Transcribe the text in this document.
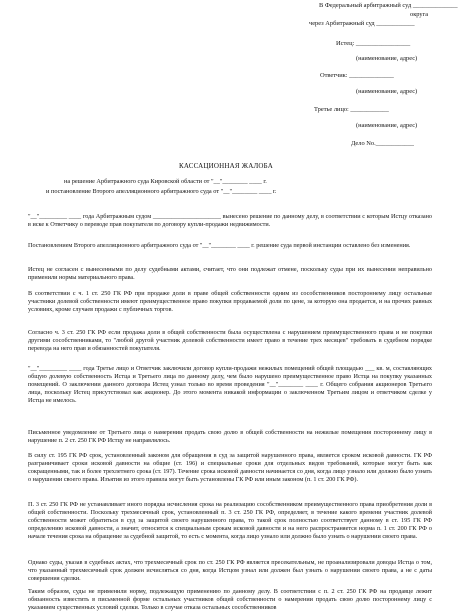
В Федеральный арбитражный суд ______________
округа
через Арбитражный суд ____________
Истец: _________________
(наименование, адрес)
Ответчик: ______________
(наименование, адрес)
Третье лицо: ____________
(наименование, адрес)
Дело No.____________
КАССАЦИОННАЯ ЖАЛОБА
на решение Арбитражного суда Кировской области от "__"________ ____ г.
и постановление Второго апелляционного арбитражного суда от "__"________ ____ г.

"__"_________ ____ года Арбитражным судом ______________________ вынесено решение по данному делу, в соответствии с которым Истцу отказано в иске к Ответчику о переводе прав покупателя по договору купли-продажи недвижимости.

Постановлением Второго апелляционного арбитражного суда от "__"________ ____ г. решение суда первой инстанции оставлено без изменения.

Истец не согласен с вынесенными по делу судебными актами, считает, что они подлежат отмене, поскольку суды при их вынесении неправильно применили нормы материального права.

В соответствии с ч. 1 ст. 250 ГК РФ при продаже доли в праве общей собственности одним из сособственников постороннему лицу остальные участники долевой собственности имеют преимущественное право покупки продаваемой доли по цене, за которую она продается, и на прочих равных условиях, кроме случаев продажи с публичных торгов.

Согласно ч. 3 ст. 250 ГК РФ если продажа доли в общей собственности была осуществлена с нарушением преимущественного права и не покупки другими сособственниками, то "любой другой участник долевой собственности имеет право в течение трех месяцев" требовать в судебном порядке перевода на него прав и обязанностей покупателя.

"__"_________ ____ года Третье лицо и Ответчик заключили договор купли-продажи нежилых помещений общей площадью ___ кв. м, составляющих общую долевую собственность Истца и Третьего лица по данному делу, чем было нарушено преимущественное право Истца на покупку указанных помещений. О заключении данного договора Истец узнал только во время проведения "__"________ ____ г. Общего собрания акционеров Третьего лица, поскольку Истец присутствовал как акционер. До этого момента никакой информации о заключенном Третьим лицом и ответчиком сделке у Истца не имелось.

Письменное уведомление от Третьего лица о намерении продать свою долю в общей собственности на нежилые помещения постороннему лицу в нарушение п. 2 ст. 250 ГК РФ Истцу не направлялось.

В силу ст. 195 ГК РФ срок, установленный законом для обращения в суд за защитой нарушенного права, является сроком исковой давности. ГК РФ разграничивает сроки исковой давности на общие (ст. 196) и специальные сроки для отдельных видов требований, которые могут быть как сокращенными, так и более трехлетнего срока (ст. 197). Течение срока исковой давности начинается со дня, когда лицо узнало или должно было узнать о нарушении своего права. Изъятия из этого правила могут быть установлены ГК РФ или иным законом (п. 1 ст. 200 ГК РФ).

П. 3 ст. 250 ГК РФ не устанавливает иного порядка исчисления срока на реализацию сособственником преимущественного права приобретения доли в общей собственности. Поскольку трехмесячный срок, установленный п. 3 ст. 250 ГК РФ, определяет, в течение какого времени участник долевой собственности может обратиться в суд за защитой своего нарушенного права, то такой срок полностью соответствует данному в ст. 195 ГК РФ определению исковой давности, а значит, относится к специальным срокам исковой давности и на него распространяется норма п. 1 ст. 200 ГК РФ о начале течения срока на обращение за судебной защитой, то есть с момента, когда лицо узнало или должно было узнать о нарушении своего права.

Однако суды, указав в судебных актах, что трехмесячный срок по ст. 250 ГК РФ является пресекательным, не проанализировали доводы Истца о том, что указанный трехмесячный срок должен исчисляться со дня, когда Истцом узнал или должен был узнать о нарушении своего права, а не с даты совершения сделки.

Таким образом, суды не применили норму, подлежащую применению по данному делу. В соответствии с п. 2 ст. 250 ГК РФ на продавце лежит обязанность известить в письменной форме остальных участников общей собственности о намерении продать свою долю постороннему лицу с указанием существенных условий сделки. Только в случае отказа остальных сособственников
